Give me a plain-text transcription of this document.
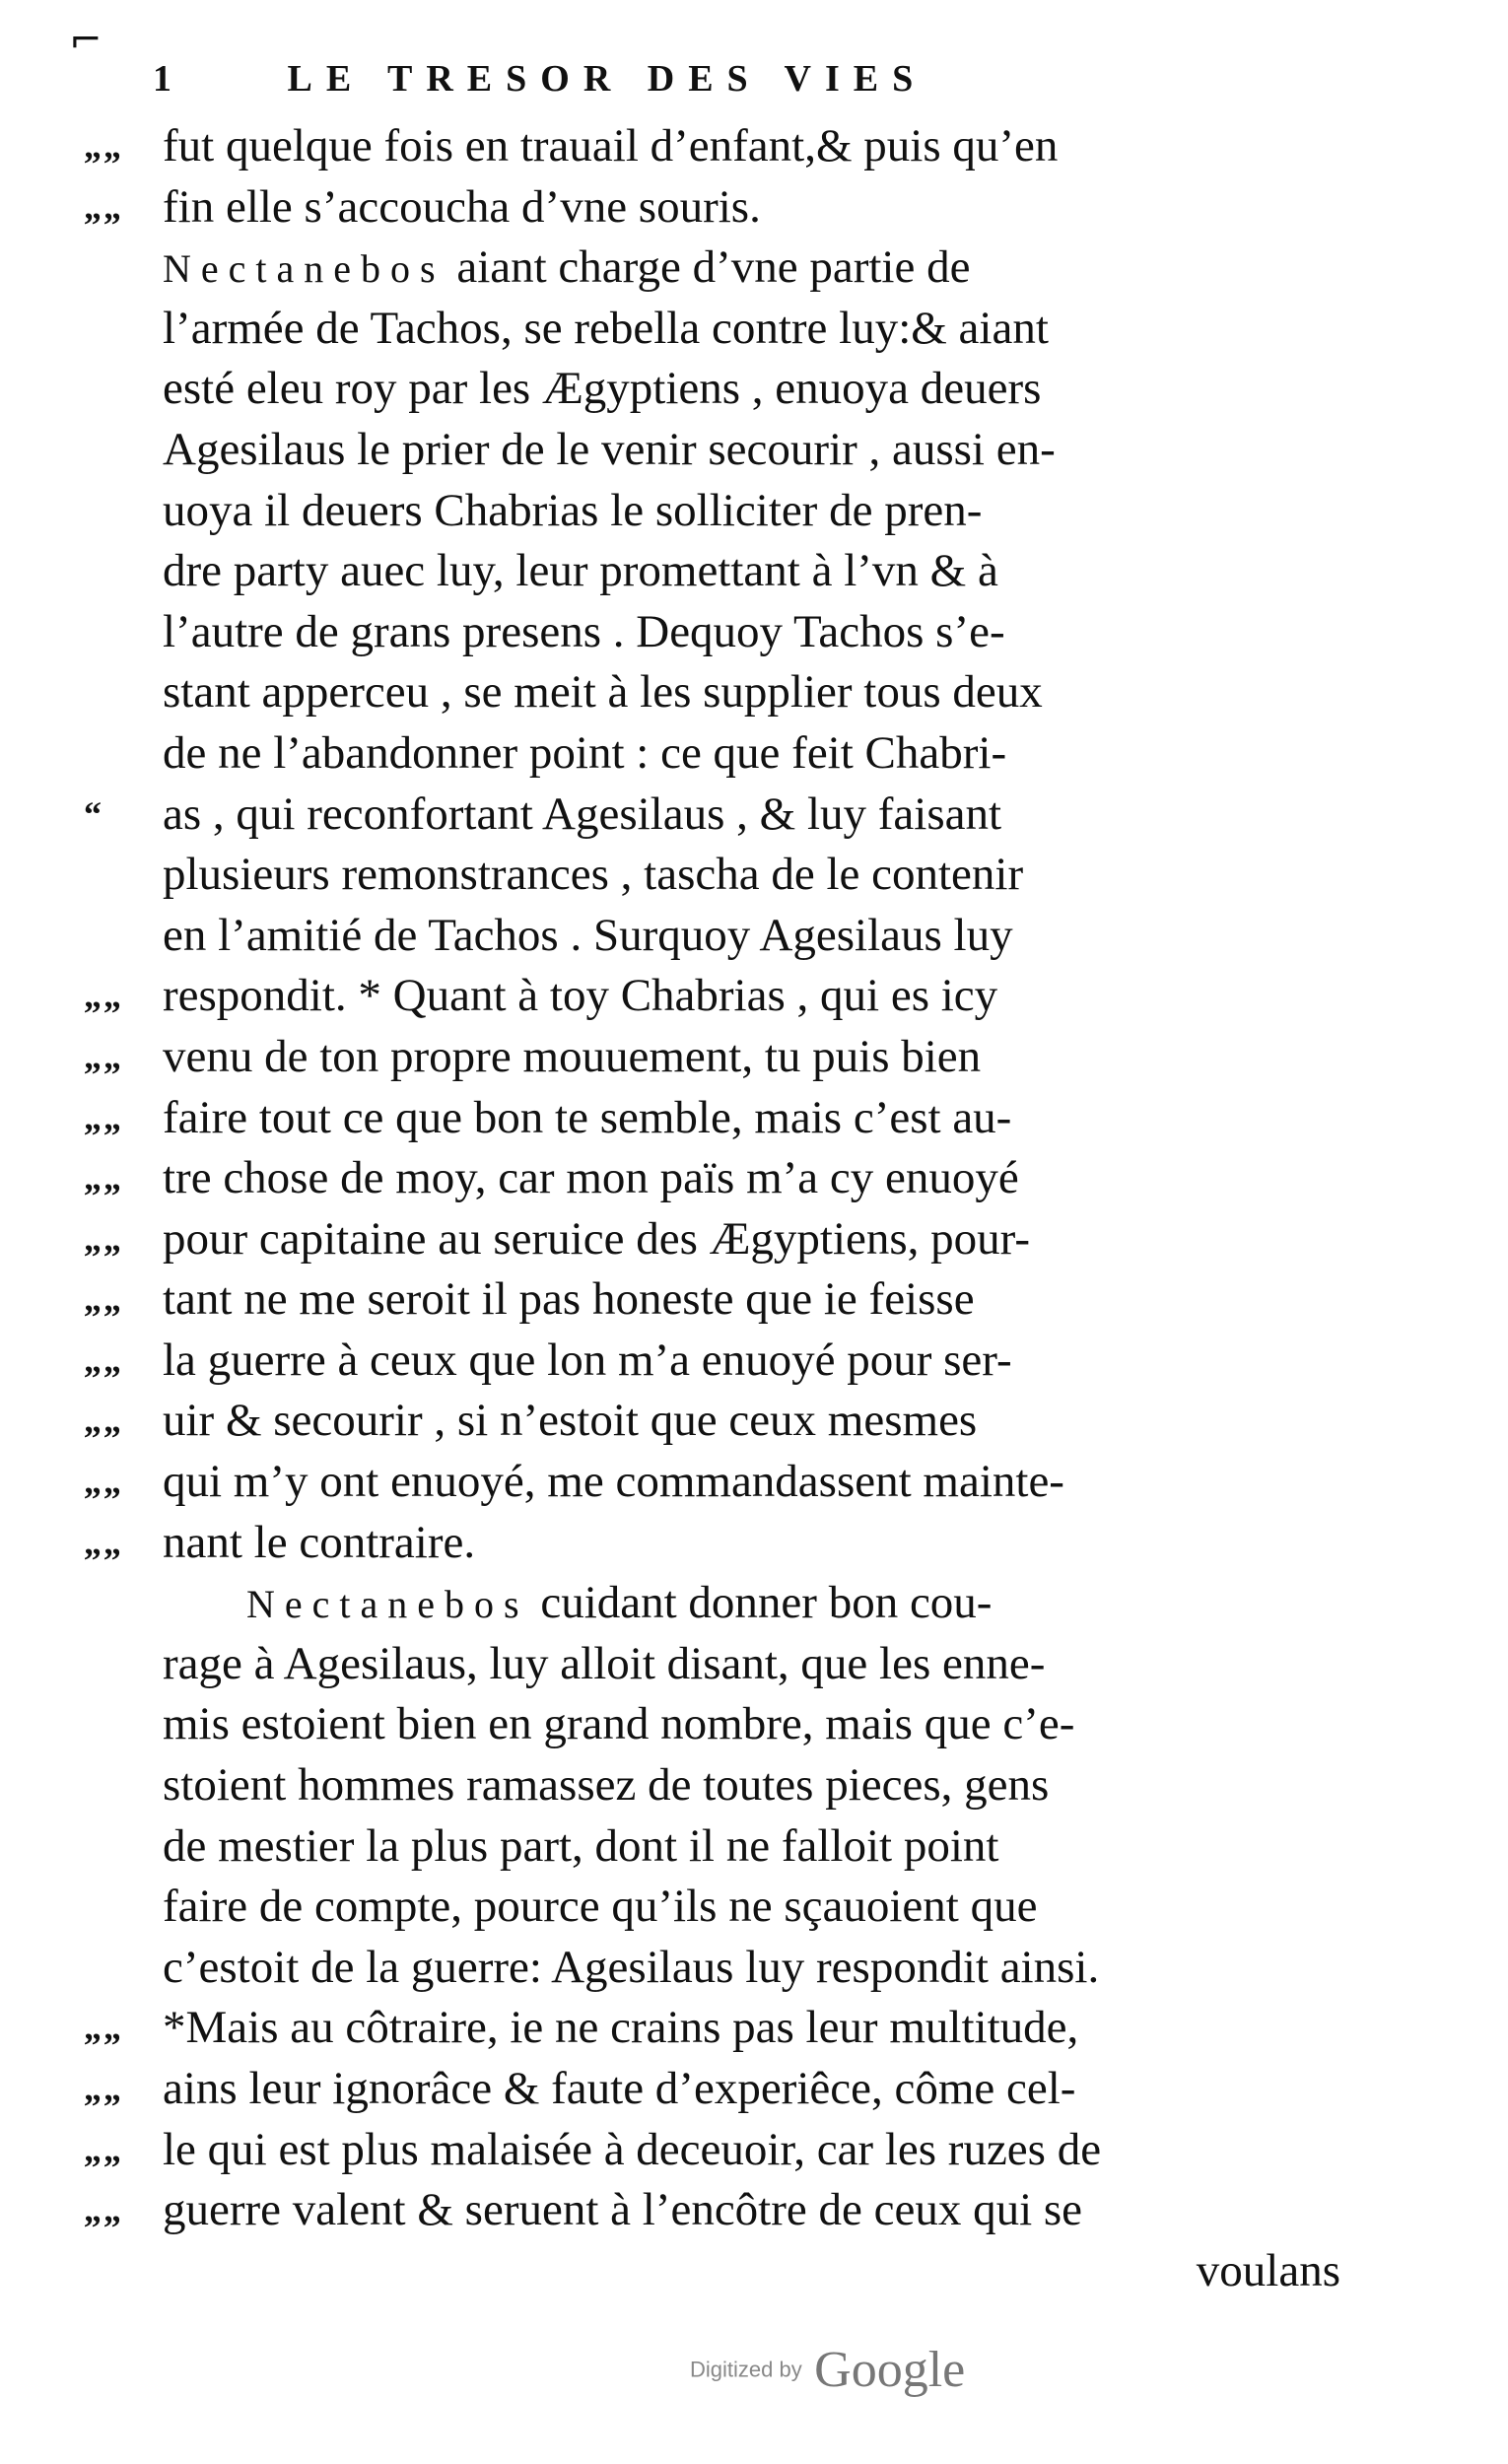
⌐
1	LE TRESOR DES VIES
„„ fut quelque fois en trauail d’enfant,& puis qu’en
„„ fin elle s’accoucha d’vne souris.
Nectanebos aiant charge d’vne partie de
l’armée de Tachos, se rebella contre luy:& aiant
esté eleu roy par les Ægyptiens , enuoya deuers
Agesilaus le prier de le venir secourir , aussi en-
uoya il deuers Chabrias le solliciter de pren-
dre party auec luy, leur promettant à l’vn & à
l’autre de grans presens . Dequoy Tachos s’e-
stant apperceu , se meit à les supplier tous deux
de ne l’abandonner point : ce que feit Chabri-
“	as , qui reconfortant Agesilaus , & luy faisant
plusieurs remonstrances , tascha de le contenir
en l’amitié de Tachos . Surquoy Agesilaus luy
„„ respondit. * Quant à toy Chabrias , qui es icy
„„ venu de ton propre mouuement, tu puis bien
„„ faire tout ce que bon te semble, mais c’est au-
„„ tre chose de moy, car mon païs m’a cy enuoyé
„„ pour capitaine au seruice des Ægyptiens, pour-
„„ tant ne me seroit il pas honeste que ie feisse
„„ la guerre à ceux que lon m’a enuoyé pour ser-
„„ uir & secourir , si n’estoit que ceux mesmes
„„ qui m’y ont enuoyé, me commandassent mainte-
„„ nant le contraire.
Nectanebos cuidant donner bon cou-
rage à Agesilaus, luy alloit disant, que les enne-
mis estoient bien en grand nombre, mais que c’e-
stoient hommes ramassez de toutes pieces, gens
de mestier la plus part, dont il ne falloit point
faire de compte, pource qu’ils ne sçauoient que
c’estoit de la guerre: Agesilaus luy respondit ainsi.
„„ *Mais au côtraire, ie ne crains pas leur multitude,
„„ ains leur ignorâce & faute d’experiêce, côme cel-
„„ le qui est plus malaisée à deceuoir, car les ruzes de
„„ guerre valent & seruent à l’encôtre de ceux qui se
voulans
Digitized by Google
